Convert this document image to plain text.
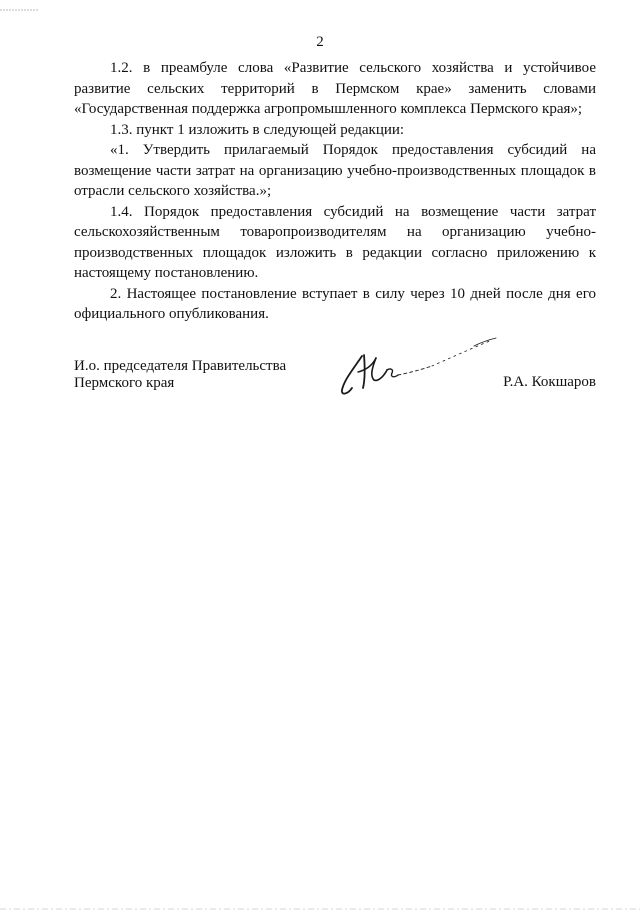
2

1.2. в преамбуле слова «Развитие сельского хозяйства и устойчивое развитие сельских территорий в Пермском крае» заменить словами «Государственная поддержка агропромышленного комплекса Пермского края»;

1.3. пункт 1 изложить в следующей редакции:

«1. Утвердить прилагаемый Порядок предоставления субсидий на возмещение части затрат на организацию учебно-производственных площадок в отрасли сельского хозяйства.»;

1.4. Порядок предоставления субсидий на возмещение части затрат сельскохозяйственным товаропроизводителям на организацию учебно-производственных площадок изложить в редакции согласно приложению к настоящему постановлению.

2. Настоящее постановление вступает в силу через 10 дней после дня его официального опубликования.

И.о. председателя Правительства
Пермского края	Р.А. Кокшаров
